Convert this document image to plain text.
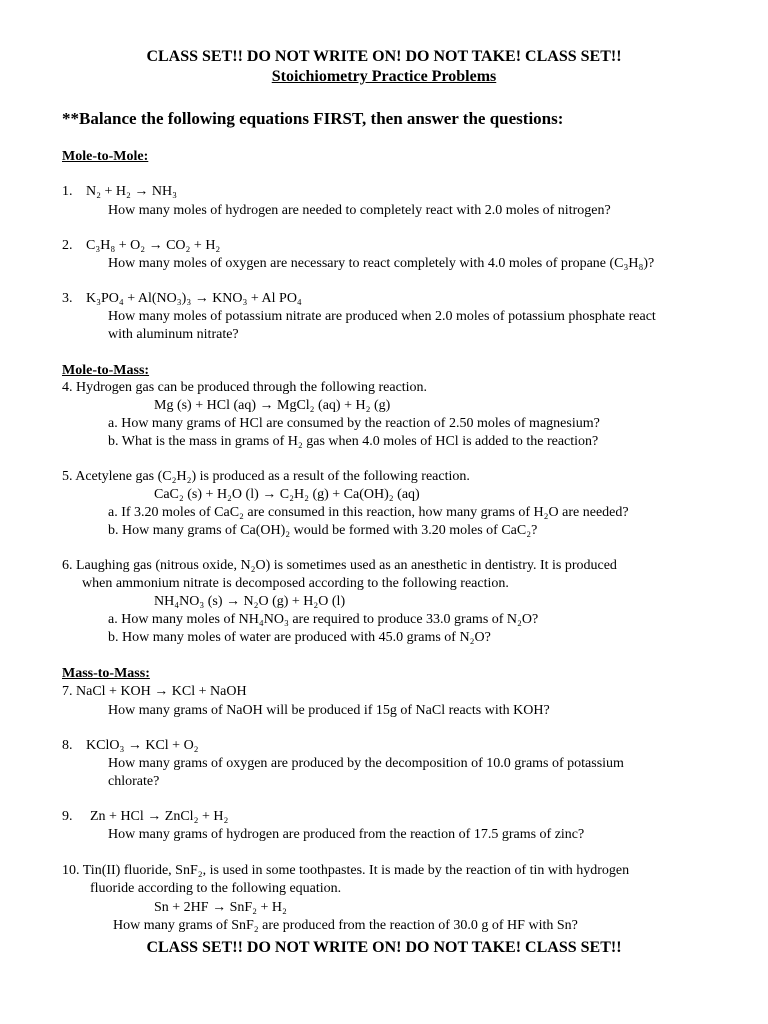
CLASS SET!! DO NOT WRITE ON! DO NOT TAKE! CLASS SET!!
Stoichiometry Practice Problems
**Balance the following equations FIRST, then answer the questions:
Mole-to-Mole:
1. N₂ + H₂ → NH₃
How many moles of hydrogen are needed to completely react with 2.0 moles of nitrogen?
2. C₃H₈ + O₂ → CO₂ + H₂
How many moles of oxygen are necessary to react completely with 4.0 moles of propane (C₃H₈)?
3. K₃PO₄ + Al(NO₃)₃ → KNO₃ + Al PO₄
How many moles of potassium nitrate are produced when 2.0 moles of potassium phosphate react
with aluminum nitrate?
Mole-to-Mass:
4. Hydrogen gas can be produced through the following reaction.
Mg (s) + HCl (aq) → MgCl₂ (aq) + H₂ (g)
a. How many grams of HCl are consumed by the reaction of 2.50 moles of magnesium?
b. What is the mass in grams of H₂ gas when 4.0 moles of HCl is added to the reaction?
5. Acetylene gas (C₂H₂) is produced as a result of the following reaction.
CaC₂ (s) + H₂O (l) → C₂H₂ (g) + Ca(OH)₂ (aq)
a. If 3.20 moles of CaC₂ are consumed in this reaction, how many grams of H₂O are needed?
b. How many grams of Ca(OH)₂ would be formed with 3.20 moles of CaC₂?
6. Laughing gas (nitrous oxide, N₂O) is sometimes used as an anesthetic in dentistry. It is produced
when ammonium nitrate is decomposed according to the following reaction.
NH₄NO₃ (s) → N₂O (g) + H₂O (l)
a. How many moles of NH₄NO₃ are required to produce 33.0 grams of N₂O?
b. How many moles of water are produced with 45.0 grams of N₂O?
Mass-to-Mass:
7. NaCl + KOH → KCl + NaOH
How many grams of NaOH will be produced if 15g of NaCl reacts with KOH?
8. KClO₃ → KCl + O₂
How many grams of oxygen are produced by the decomposition of 10.0 grams of potassium
chlorate?
9. Zn + HCl → ZnCl₂ + H₂
How many grams of hydrogen are produced from the reaction of 17.5 grams of zinc?
10. Tin(II) fluoride, SnF₂, is used in some toothpastes. It is made by the reaction of tin with hydrogen
fluoride according to the following equation.
Sn + 2HF → SnF₂ + H₂
How many grams of SnF₂ are produced from the reaction of 30.0 g of HF with Sn?
CLASS SET!! DO NOT WRITE ON! DO NOT TAKE! CLASS SET!!
